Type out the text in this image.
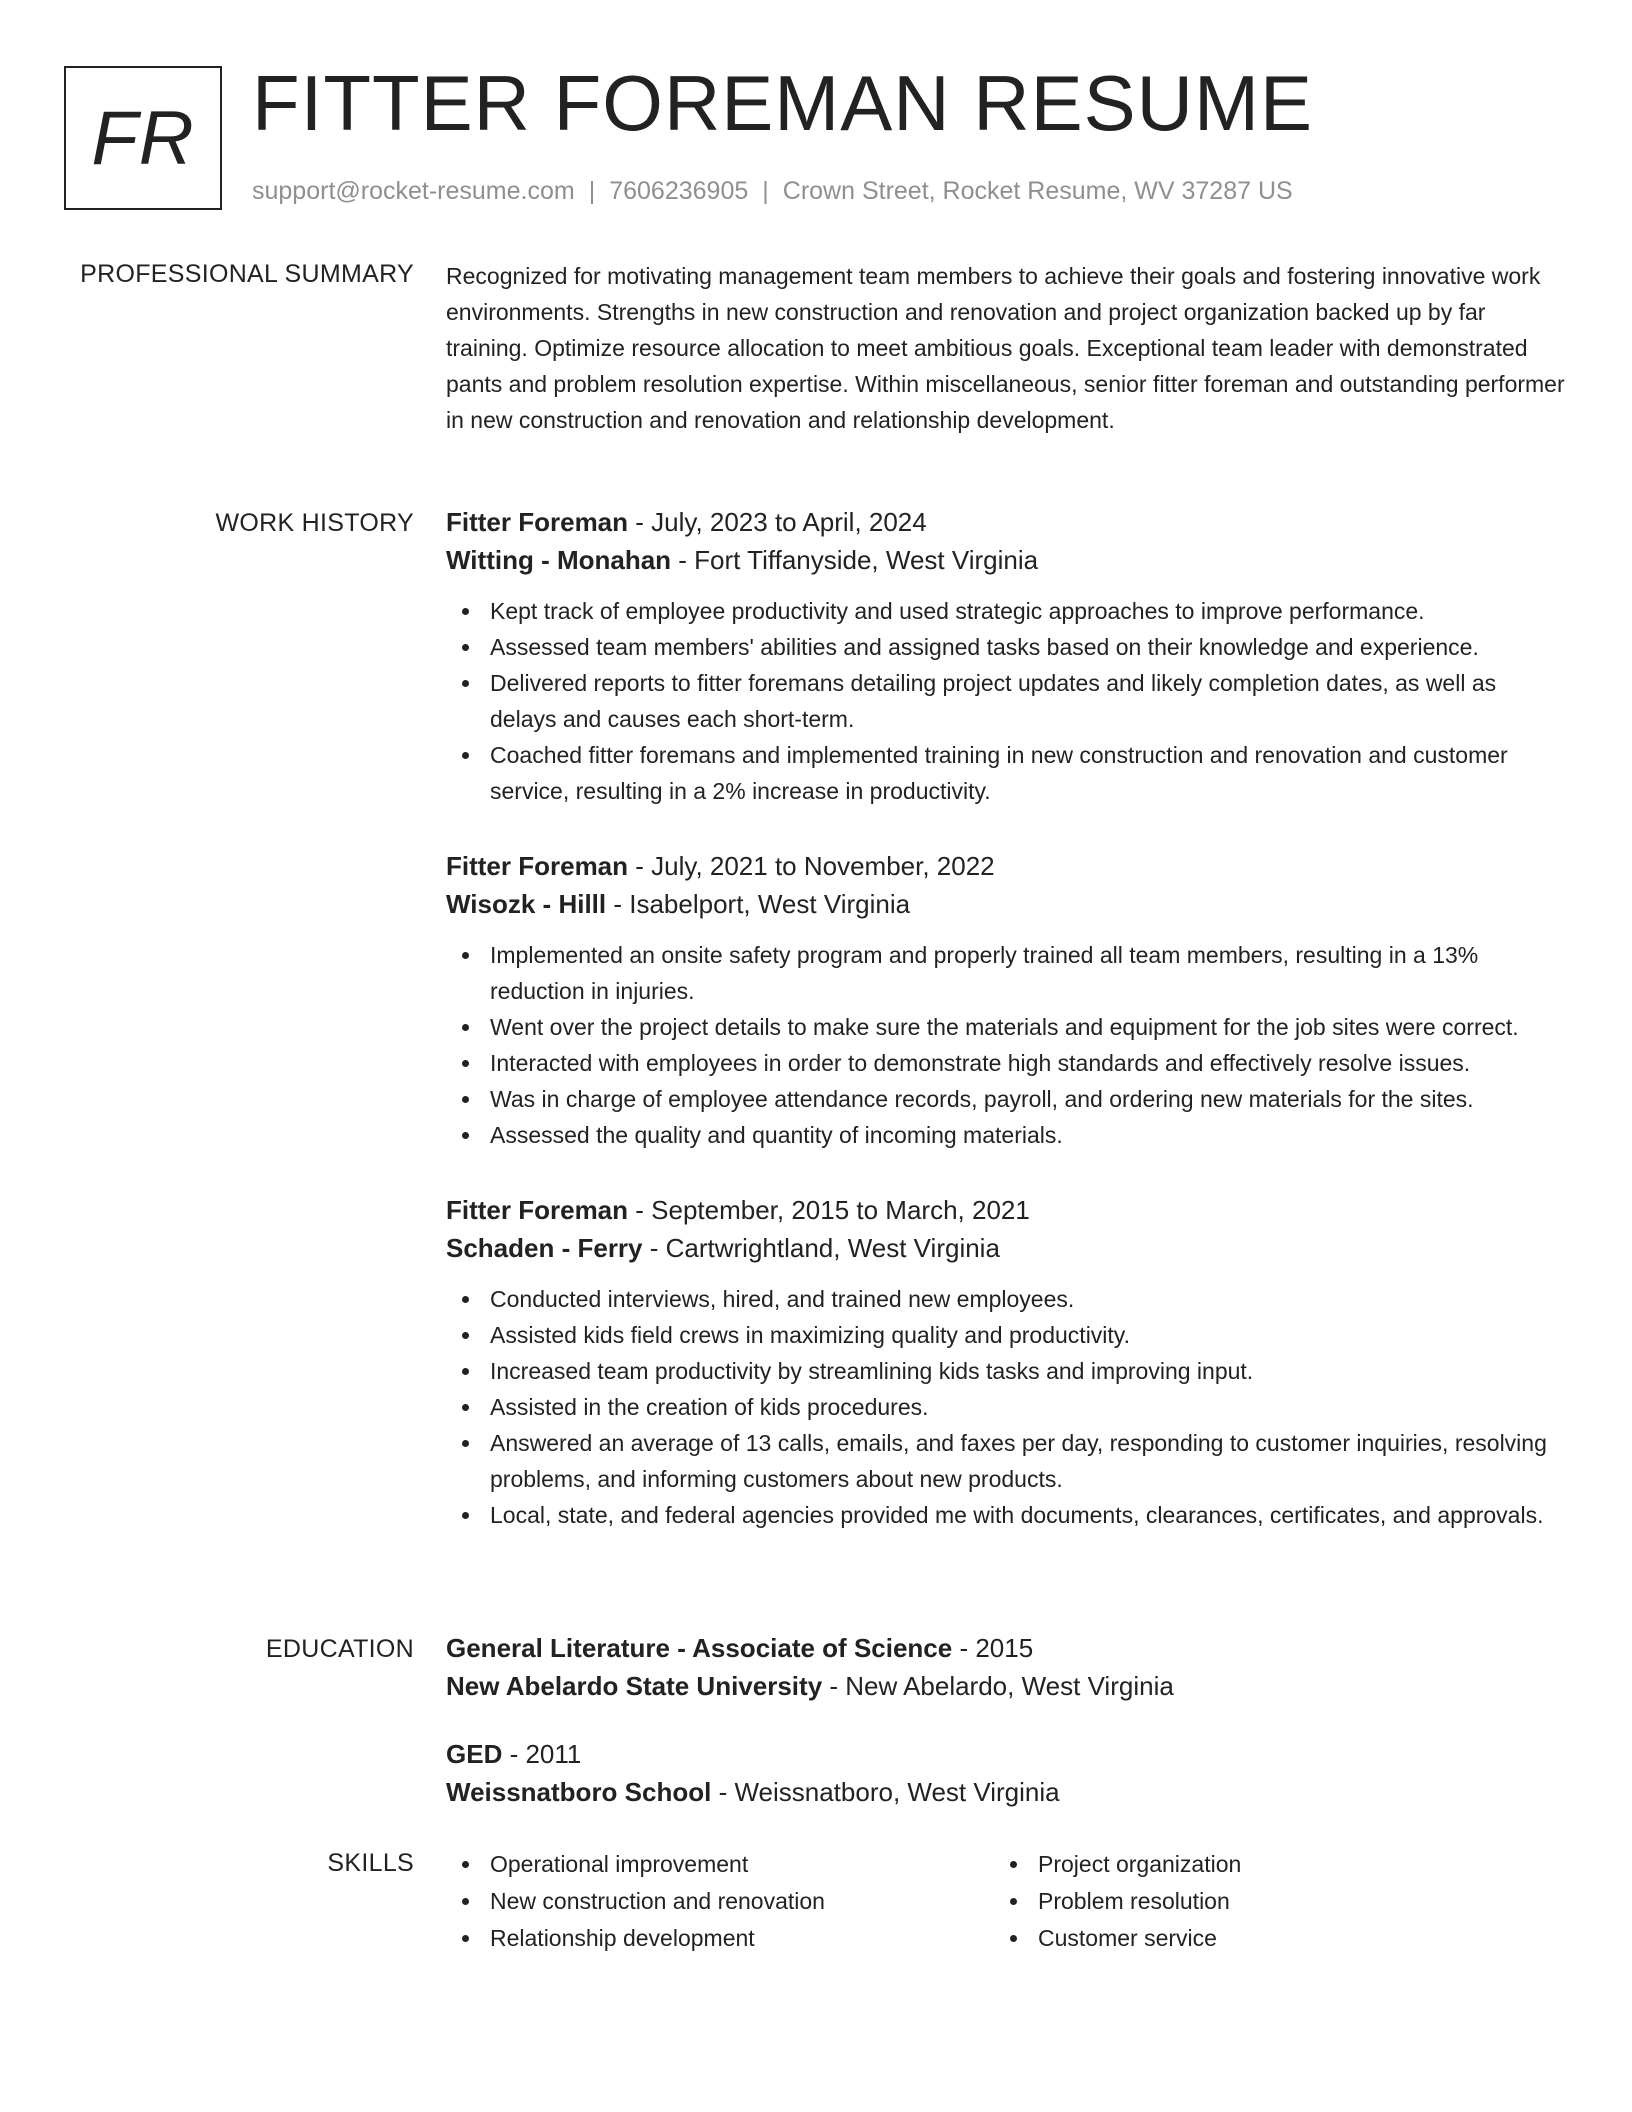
FR FITTER FOREMAN RESUME
support@rocket-resume.com | 7606236905 | Crown Street, Rocket Resume, WV 37287 US
PROFESSIONAL SUMMARY Recognized for motivating management team members to achieve their goals and fostering innovative work environments. Strengths in new construction and renovation and project organization backed up by far training. Optimize resource allocation to meet ambitious goals. Exceptional team leader with demonstrated pants and problem resolution expertise. Within miscellaneous, senior fitter foreman and outstanding performer in new construction and renovation and relationship development.

WORK HISTORY Fitter Foreman - July, 2023 to April, 2024
Witting - Monahan - Fort Tiffanyside, West Virginia
Kept track of employee productivity and used strategic approaches to improve performance.
Assessed team members' abilities and assigned tasks based on their knowledge and experience.
Delivered reports to fitter foremans detailing project updates and likely completion dates, as well as delays and causes each short-term.
Coached fitter foremans and implemented training in new construction and renovation and customer service, resulting in a 2% increase in productivity.
Fitter Foreman - July, 2021 to November, 2022
Wisozk - Hilll - Isabelport, West Virginia
Implemented an onsite safety program and properly trained all team members, resulting in a 13% reduction in injuries.
Went over the project details to make sure the materials and equipment for the job sites were correct.
Interacted with employees in order to demonstrate high standards and effectively resolve issues.
Was in charge of employee attendance records, payroll, and ordering new materials for the sites.
Assessed the quality and quantity of incoming materials.
Fitter Foreman - September, 2015 to March, 2021
Schaden - Ferry - Cartwrightland, West Virginia
Conducted interviews, hired, and trained new employees.
Assisted kids field crews in maximizing quality and productivity.
Increased team productivity by streamlining kids tasks and improving input.
Assisted in the creation of kids procedures.
Answered an average of 13 calls, emails, and faxes per day, responding to customer inquiries, resolving problems, and informing customers about new products.
Local, state, and federal agencies provided me with documents, clearances, certificates, and approvals.
EDUCATION General Literature - Associate of Science - 2015
New Abelardo State University - New Abelardo, West Virginia
GED - 2011
Weissnatboro School - Weissnatboro, West Virginia
SKILLS	Operational improvement
New construction and renovation
Relationship development
Project organization
Problem resolution
Customer service
